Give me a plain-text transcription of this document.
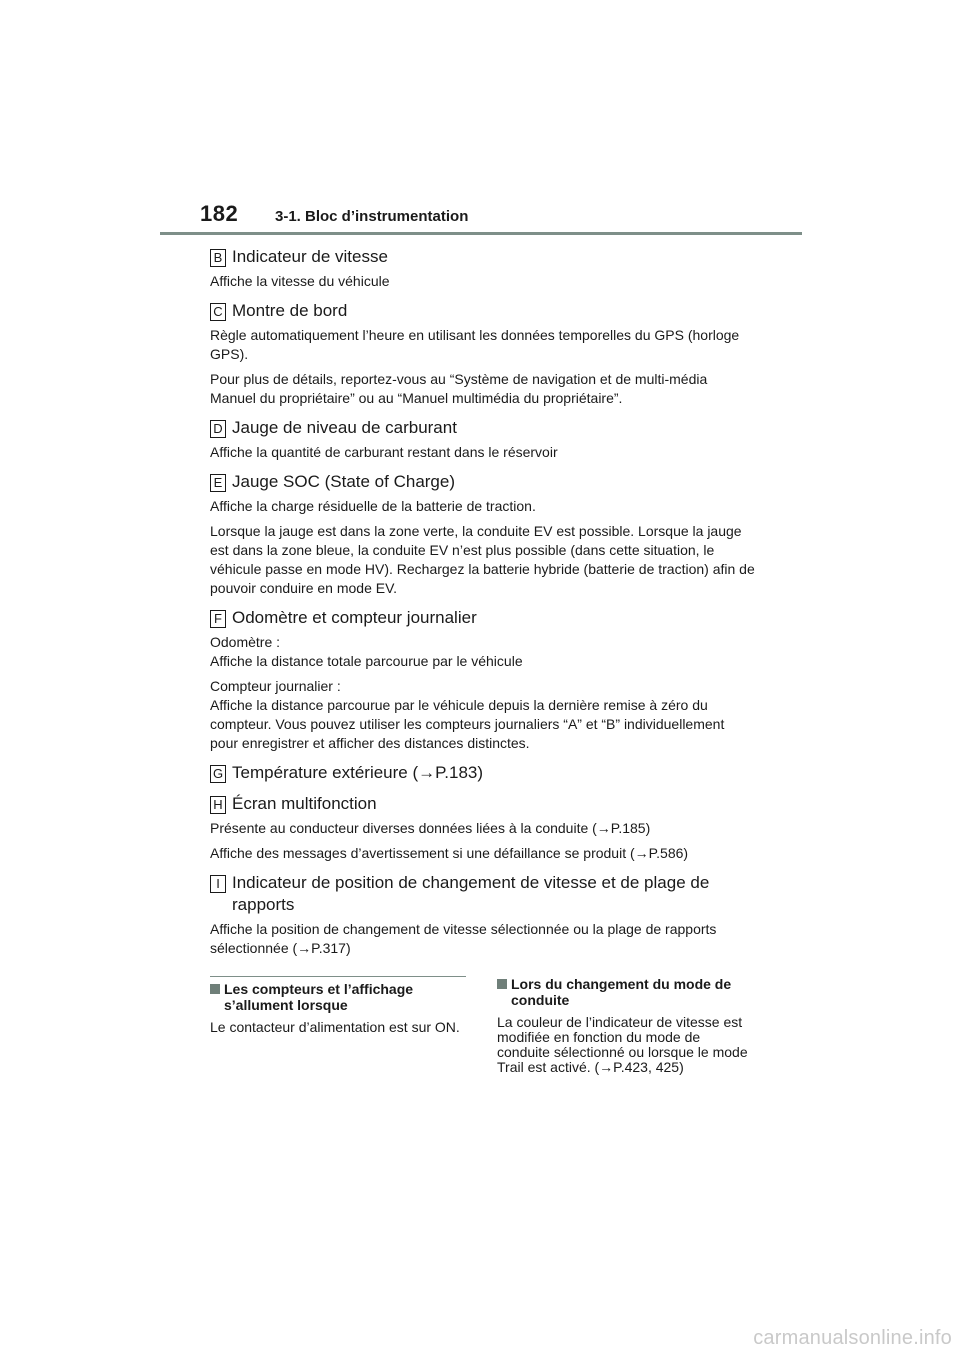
182 3-1. Bloc d’instrumentation
B Indicateur de vitesse

Affiche la vitesse du véhicule

C Montre de bord

Règle automatiquement l’heure en utilisant les données temporelles du GPS (horloge GPS).

Pour plus de détails, reportez-vous au “Système de navigation et de multi-média Manuel du propriétaire” ou au “Manuel multimédia du propriétaire”.

D Jauge de niveau de carburant

Affiche la quantité de carburant restant dans le réservoir

E Jauge SOC (State of Charge)

Affiche la charge résiduelle de la batterie de traction.

Lorsque la jauge est dans la zone verte, la conduite EV est possible. Lorsque la jauge est dans la zone bleue, la conduite EV n’est plus possible (dans cette situation, le véhicule passe en mode HV). Rechargez la batterie hybride (batterie de traction) afin de pouvoir conduire en mode EV.

F Odomètre et compteur journalier

Odomètre :
Affiche la distance totale parcourue par le véhicule

Compteur journalier :
Affiche la distance parcourue par le véhicule depuis la dernière remise à zéro du compteur. Vous pouvez utiliser les compteurs journaliers “A” et “B” individuellement pour enregistrer et afficher des distances distinctes.

G Température extérieure (→P.183)
H Écran multifonction

Présente au conducteur diverses données liées à la conduite (→P.185)

Affiche des messages d’avertissement si une défaillance se produit (→P.586)

I Indicateur de position de changement de vitesse et de plage de rapports

Affiche la position de changement de vitesse sélectionnée ou la plage de rapports sélectionnée (→P.317)

Les compteurs et l’affichage s’allument lorsque
Le contacteur d’alimentation est sur ON.
Lors du changement du mode de conduite
La couleur de l’indicateur de vitesse est modifiée en fonction du mode de conduite sélectionné ou lorsque le mode Trail est activé. (→P.423, 425)
carmanualsonline.info
